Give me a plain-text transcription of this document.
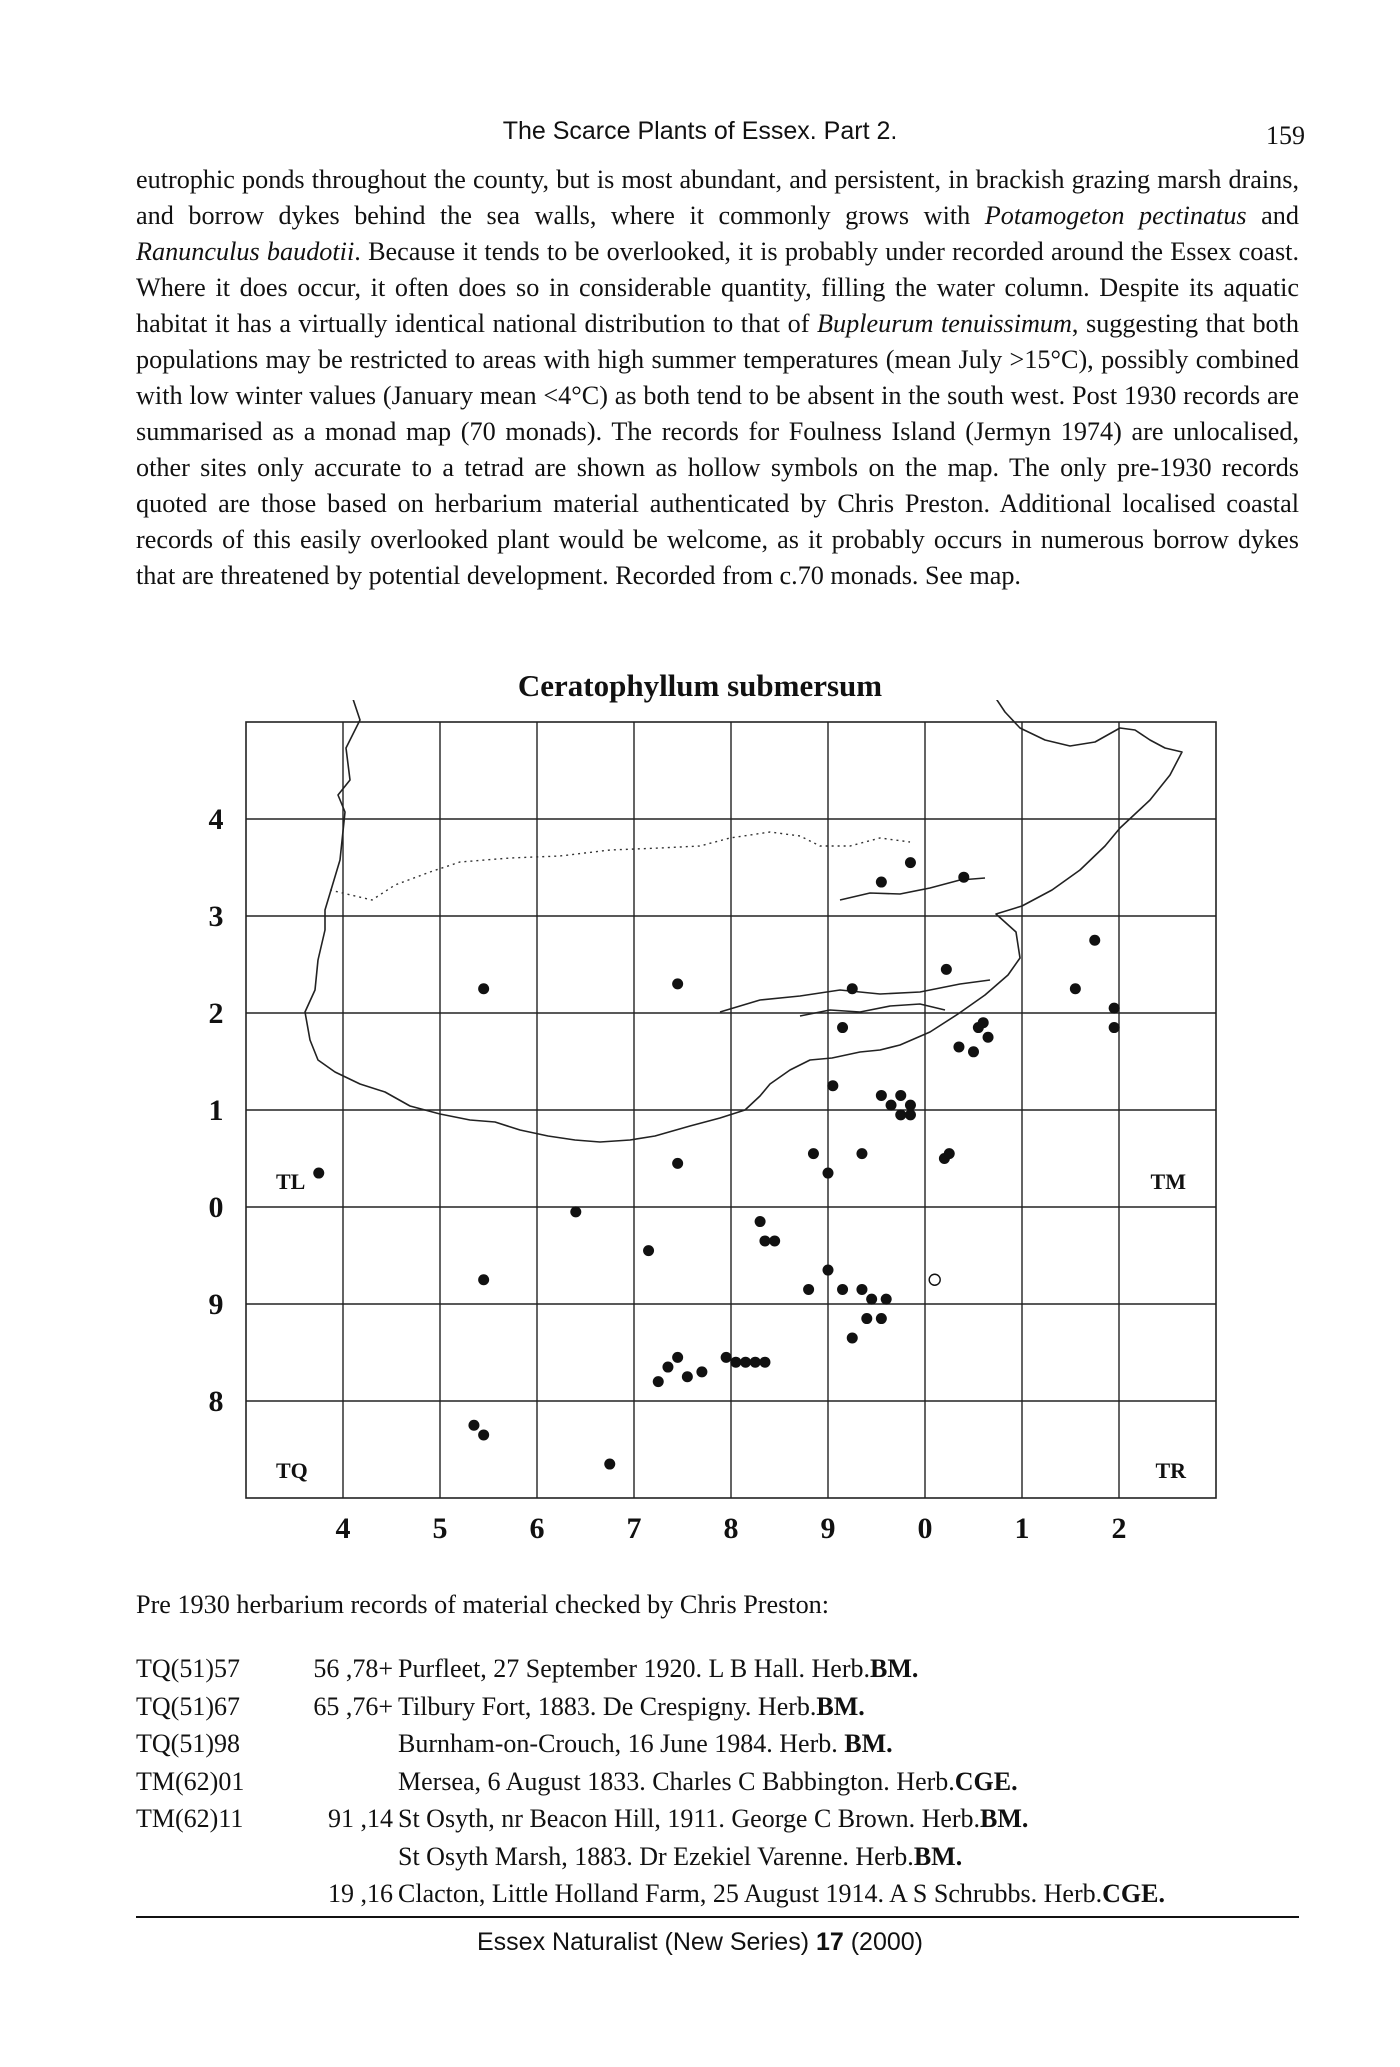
The Scarce Plants of Essex. Part 2.	159

eutrophic ponds throughout the county, but is most abundant, and persistent, in brackish grazing marsh drains, and borrow dykes behind the sea walls, where it commonly grows with Potamogeton pectinatus and Ranunculus baudotii. Because it tends to be overlooked, it is probably under recorded around the Essex coast. Where it does occur, it often does so in considerable quantity, filling the water column. Despite its aquatic habitat it has a virtually identical national distribution to that of Bupleurum tenuissimum, suggesting that both populations may be restricted to areas with high summer temperatures (mean July >15°C), possibly combined with low winter values (January mean <4°C) as both tend to be absent in the south west. Post 1930 records are summarised as a monad map (70 monads). The records for Foulness Island (Jermyn 1974) are unlocalised, other sites only accurate to a tetrad are shown as hollow symbols on the map. The only pre-1930 records quoted are those based on herbarium material authenticated by Chris Preston. Additional localised coastal records of this easily overlooked plant would be welcome, as it probably occurs in numerous borrow dykes that are threatened by potential development. Recorded from c.70 monads. See map.

Ceratophyllum submersum
4	5	6	7	8	9	0	1	2
4
3
2
1
0
9
8
TL	TM
TQ	TR
Pre 1930 herbarium records of material checked by Chris Preston:
TQ(51)57	56 ,78+ Purfleet, 27 September 1920. L B Hall. Herb.BM.
TQ(51)67	65 ,76+ Tilbury Fort, 1883. De Crespigny. Herb.BM.
TQ(51)98	Burnham-on-Crouch, 16 June 1984. Herb. BM.
TM(62)01	Mersea, 6 August 1833. Charles C Babbington. Herb.CGE.
TM(62)11	91 ,14 St Osyth, nr Beacon Hill, 1911. George C Brown. Herb.BM.
St Osyth Marsh, 1883. Dr Ezekiel Varenne. Herb.BM.
19 ,16 Clacton, Little Holland Farm, 25 August 1914. A S Schrubbs. Herb.CGE.
Essex Naturalist (New Series) 17 (2000)
